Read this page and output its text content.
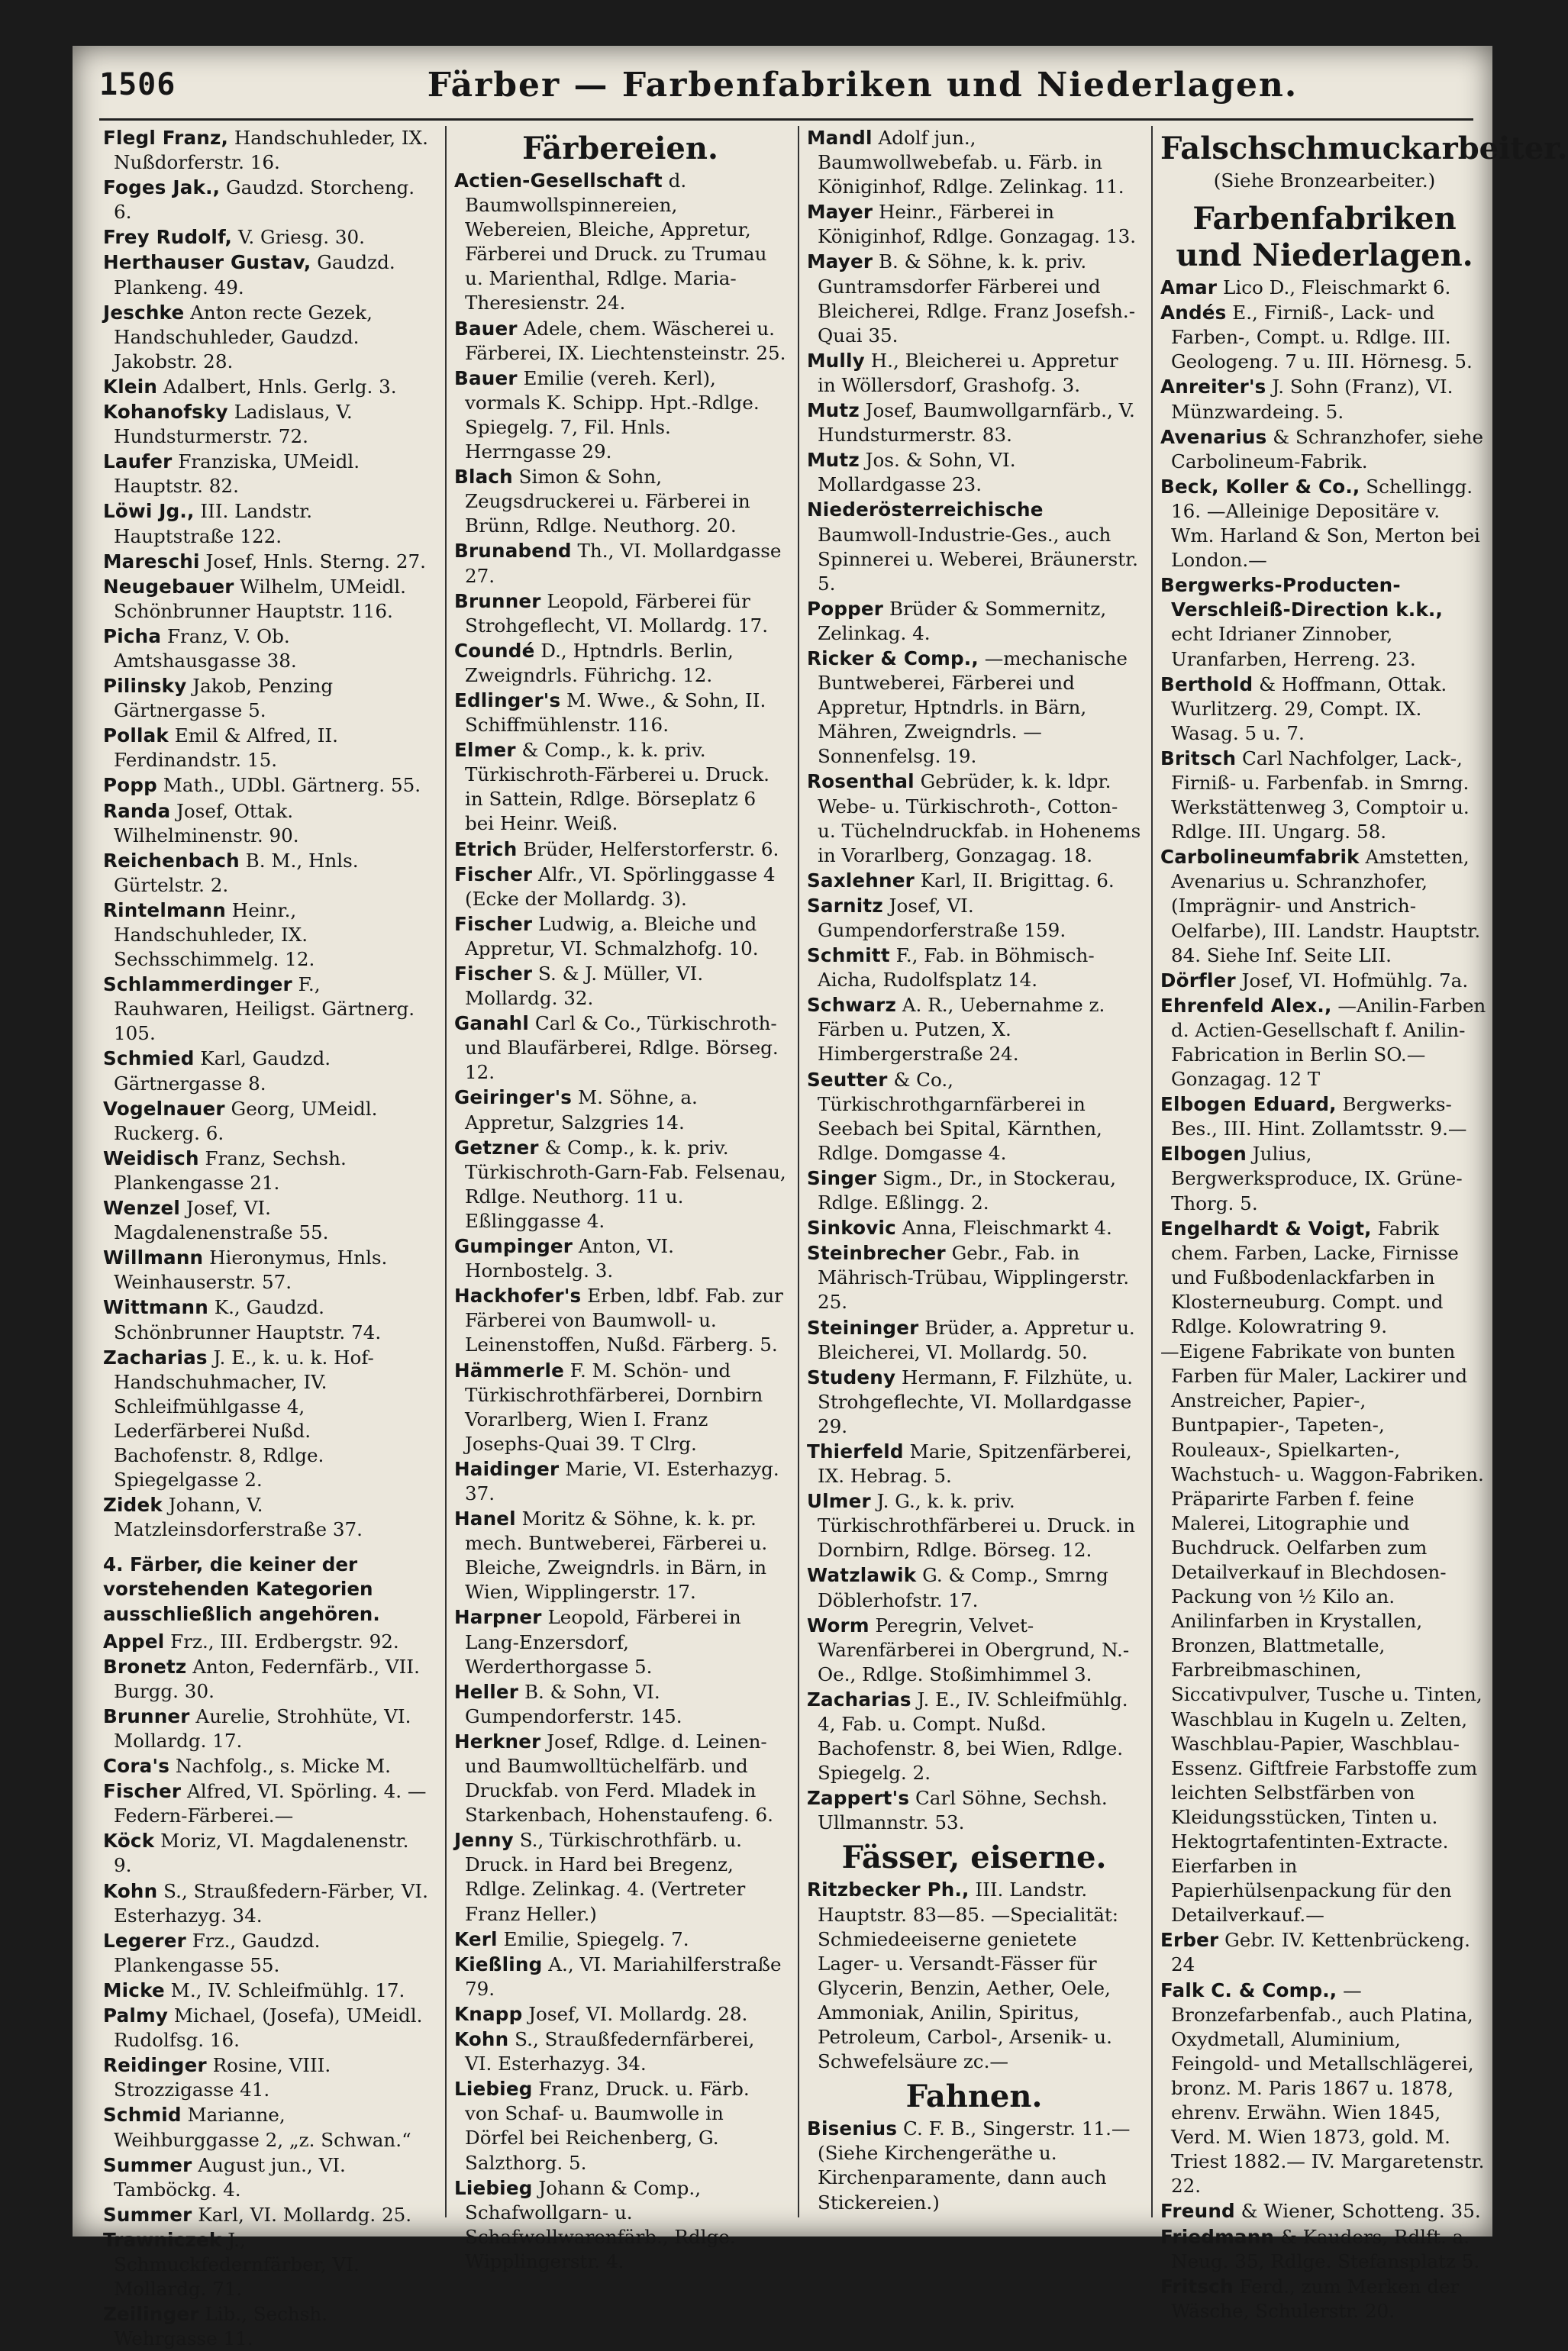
1506	Färber — Farbenfabriken und Niederlagen.
Flegl Franz, Handschuhleder, IX. Nußdorferstr. 16.
Foges Jak., Gaudzd. Storcheng. 6.
Frey Rudolf, V. Griesg. 30.
Herthauser Gustav, Gaudzd. Plankeng. 49.
Jeschke Anton recte Gezek, Handschuhleder, Gaudzd. Jakobstr. 28.
Klein Adalbert, Hnls. Gerlg. 3.
Kohanofsky Ladislaus, V. Hundsturmerstr. 72.
Laufer Franziska, UMeidl. Hauptstr. 82.
Löwi Jg., III. Landstr. Hauptstraße 122.
Mareschi Josef, Hnls. Sterng. 27.
Neugebauer Wilhelm, UMeidl. Schönbrunner Hauptstr. 116.
Picha Franz, V. Ob. Amtshausgasse 38.
Pilinsky Jakob, Penzing Gärtnergasse 5.
Pollak Emil & Alfred, II. Ferdinandstr. 15.
Popp Math., UDbl. Gärtnerg. 55.
Randa Josef, Ottak. Wilhelminenstr. 90.
Reichenbach B. M., Hnls. Gürtelstr. 2.
Rintelmann Heinr., Handschuhleder, IX. Sechsschimmelg. 12.
Schlammerdinger F., Rauhwaren, Heiligst. Gärtnerg. 105.
Schmied Karl, Gaudzd. Gärtnergasse 8.
Vogelnauer Georg, UMeidl. Ruckerg. 6.
Weidisch Franz, Sechsh. Plankengasse 21.
Wenzel Josef, VI. Magdalenenstraße 55.
Willmann Hieronymus, Hnls. Weinhauserstr. 57.
Wittmann K., Gaudzd. Schönbrunner Hauptstr. 74.
Zacharias J. E., k. u. k. Hof-Handschuhmacher, IV. Schleifmühlgasse 4, Lederfärberei Nußd. Bachofenstr. 8, Rdlge. Spiegelgasse 2.
Zidek Johann, V. Matzleinsdorferstraße 37.
4. Färber, die keiner der vorstehenden Kategorien ausschließlich angehören.
Appel Frz., III. Erdbergstr. 92.
Bronetz Anton, Federnfärb., VII. Burgg. 30.
Brunner Aurelie, Strohhüte, VI. Mollardg. 17.
Cora's Nachfolg., s. Micke M.
Fischer Alfred, VI. Spörling. 4. —Federn-Färberei.—
Köck Moriz, VI. Magdalenenstr. 9.
Kohn S., Straußfedern-Färber, VI. Esterhazyg. 34.
Legerer Frz., Gaudzd. Plankengasse 55.
Micke M., IV. Schleifmühlg. 17.
Palmy Michael, (Josefa), UMeidl. Rudolfsg. 16.
Reidinger Rosine, VIII. Strozzigasse 41.
Schmid Marianne, Weihburggasse 2, „z. Schwan.“
Summer August jun., VI. Tamböckg. 4.
Summer Karl, VI. Mollardg. 25.
Trawniczek J., Schmuckfedernfärber, VI. Mollardg. 71.
Zeilinger Lib., Sechsh. Wehrgasse 11.
Färbereien.
Actien-Gesellschaft d. Baumwollspinnereien, Webereien, Bleiche, Appretur, Färberei und Druck. zu Trumau u. Marienthal, Rdlge. Maria-Theresienstr. 24.
Bauer Adele, chem. Wäscherei u. Färberei, IX. Liechtensteinstr. 25.
Bauer Emilie (vereh. Kerl), vormals K. Schipp. Hpt.-Rdlge. Spiegelg. 7, Fil. Hnls. Herrngasse 29.
Blach Simon & Sohn, Zeugsdruckerei u. Färberei in Brünn, Rdlge. Neuthorg. 20.
Brunabend Th., VI. Mollardgasse 27.
Brunner Leopold, Färberei für Strohgeflecht, VI. Mollardg. 17.
Coundé D., Hptndrls. Berlin, Zweigndrls. Führichg. 12.
Edlinger's M. Wwe., & Sohn, II. Schiffmühlenstr. 116.
Elmer & Comp., k. k. priv. Türkischroth-Färberei u. Druck. in Sattein, Rdlge. Börseplatz 6 bei Heinr. Weiß.
Etrich Brüder, Helferstorferstr. 6.
Fischer Alfr., VI. Spörlinggasse 4 (Ecke der Mollardg. 3).
Fischer Ludwig, a. Bleiche und Appretur, VI. Schmalzhofg. 10.
Fischer S. & J. Müller, VI. Mollardg. 32.
Ganahl Carl & Co., Türkischroth- und Blaufärberei, Rdlge. Börseg. 12.
Geiringer's M. Söhne, a. Appretur, Salzgries 14.
Getzner & Comp., k. k. priv. Türkischroth-Garn-Fab. Felsenau, Rdlge. Neuthorg. 11 u. Eßlinggasse 4.
Gumpinger Anton, VI. Hornbostelg. 3.
Hackhofer's Erben, ldbf. Fab. zur Färberei von Baumwoll- u. Leinenstoffen, Nußd. Färberg. 5.
Hämmerle F. M. Schön- und Türkischrothfärberei, Dornbirn Vorarlberg, Wien I. Franz Josephs-Quai 39. T Clrg.
Haidinger Marie, VI. Esterhazyg. 37.
Hanel Moritz & Söhne, k. k. pr. mech. Buntweberei, Färberei u. Bleiche, Zweigndrls. in Bärn, in Wien, Wipplingerstr. 17.
Harpner Leopold, Färberei in Lang-Enzersdorf, Werderthorgasse 5.
Heller B. & Sohn, VI. Gumpendorferstr. 145.
Herkner Josef, Rdlge. d. Leinen- und Baumwolltüchelfärb. und Druckfab. von Ferd. Mladek in Starkenbach, Hohenstaufeng. 6.
Jenny S., Türkischrothfärb. u. Druck. in Hard bei Bregenz, Rdlge. Zelinkag. 4. (Vertreter Franz Heller.)
Kerl Emilie, Spiegelg. 7.
Kießling A., VI. Mariahilferstraße 79.
Knapp Josef, VI. Mollardg. 28.
Kohn S., Straußfedernfärberei, VI. Esterhazyg. 34.
Liebieg Franz, Druck. u. Färb. von Schaf- u. Baumwolle in Dörfel bei Reichenberg, G. Salzthorg. 5.
Liebieg Johann & Comp., Schafwollgarn- u. Schafwollwarenfärb., Rdlge. Wipplingerstr. 4.
Mandl Adolf jun., Baumwollwebefab. u. Färb. in Königinhof, Rdlge. Zelinkag. 11.
Mayer Heinr., Färberei in Königinhof, Rdlge. Gonzagag. 13.
Mayer B. & Söhne, k. k. priv. Guntramsdorfer Färberei und Bleicherei, Rdlge. Franz Josefsh.-Quai 35.
Mully H., Bleicherei u. Appretur in Wöllersdorf, Grashofg. 3.
Mutz Josef, Baumwollgarnfärb., V. Hundsturmerstr. 83.
Mutz Jos. & Sohn, VI. Mollardgasse 23.
Niederösterreichische Baumwoll-Industrie-Ges., auch Spinnerei u. Weberei, Bräunerstr. 5.
Popper Brüder & Sommernitz, Zelinkag. 4.
Ricker & Comp., —mechanische Buntweberei, Färberei und Appretur, Hptndrls. in Bärn, Mähren, Zweigndrls. —Sonnenfelsg. 19.
Rosenthal Gebrüder, k. k. ldpr. Webe- u. Türkischroth-, Cotton- u. Tüchelndruckfab. in Hohenems in Vorarlberg, Gonzagag. 18.
Saxlehner Karl, II. Brigittag. 6.
Sarnitz Josef, VI. Gumpendorferstraße 159.
Schmitt F., Fab. in Böhmisch-Aicha, Rudolfsplatz 14.
Schwarz A. R., Uebernahme z. Färben u. Putzen, X. Himbergerstraße 24.
Seutter & Co., Türkischrothgarnfärberei in Seebach bei Spital, Kärnthen, Rdlge. Domgasse 4.
Singer Sigm., Dr., in Stockerau, Rdlge. Eßlingg. 2.
Sinkovic Anna, Fleischmarkt 4.
Steinbrecher Gebr., Fab. in Mährisch-Trübau, Wipplingerstr. 25.
Steininger Brüder, a. Appretur u. Bleicherei, VI. Mollardg. 50.
Studeny Hermann, F. Filzhüte, u. Strohgeflechte, VI. Mollardgasse 29.
Thierfeld Marie, Spitzenfärberei, IX. Hebrag. 5.
Ulmer J. G., k. k. priv. Türkischrothfärberei u. Druck. in Dornbirn, Rdlge. Börseg. 12.
Watzlawik G. & Comp., Smrng Döblerhofstr. 17.
Worm Peregrin, Velvet-Warenfärberei in Obergrund, N.-Oe., Rdlge. Stoßimhimmel 3.
Zacharias J. E., IV. Schleifmühlg. 4, Fab. u. Compt. Nußd. Bachofenstr. 8, bei Wien, Rdlge. Spiegelg. 2.
Zappert's Carl Söhne, Sechsh. Ullmannstr. 53.
Fässer, eiserne.
Ritzbecker Ph., III. Landstr. Hauptstr. 83—85. —Specialität: Schmiedeeiserne genietete Lager- u. Versandt-Fässer für Glycerin, Benzin, Aether, Oele, Ammoniak, Anilin, Spiritus, Petroleum, Carbol-, Arsenik- u. Schwefelsäure zc.—
Fahnen.
Bisenius C. F. B., Singerstr. 11.— (Siehe Kirchengeräthe u. Kirchenparamente, dann auch Stickereien.)
Falschschmuckarbeiter.
(Siehe Bronzearbeiter.)
Farbenfabriken und Niederlagen.
Amar Lico D., Fleischmarkt 6.
Andés E., Firniß-, Lack- und Farben-, Compt. u. Rdlge. III. Geologeng. 7 u. III. Hörnesg. 5.
Anreiter's J. Sohn (Franz), VI. Münzwardeing. 5.
Avenarius & Schranzhofer, siehe Carbolineum-Fabrik.
Beck, Koller & Co., Schellingg. 16. —Alleinige Depositäre v. Wm. Harland & Son, Merton bei London.—
Bergwerks-Producten-Verschleiß-Direction k.k., echt Idrianer Zinnober, Uranfarben, Herreng. 23.
Berthold & Hoffmann, Ottak. Wurlitzerg. 29, Compt. IX. Wasag. 5 u. 7.
Britsch Carl Nachfolger, Lack-, Firniß- u. Farbenfab. in Smrng. Werkstättenweg 3, Comptoir u. Rdlge. III. Ungarg. 58.
Carbolineumfabrik Amstetten, Avenarius u. Schranzhofer, (Imprägnir- und Anstrich-Oelfarbe), III. Landstr. Hauptstr. 84. Siehe Inf. Seite LII.
Dörfler Josef, VI. Hofmühlg. 7a.
Ehrenfeld Alex., —Anilin-Farben d. Actien-Gesellschaft f. Anilin-Fabrication in Berlin SO.— Gonzagag. 12 T
Elbogen Eduard, Bergwerks-Bes., III. Hint. Zollamtsstr. 9.—
Elbogen Julius, Bergwerksproduce, IX. Grüne-Thorg. 5.
Engelhardt & Voigt, Fabrik chem. Farben, Lacke, Firnisse und Fußbodenlackfarben in Klosterneuburg. Compt. und Rdlge. Kolowratring 9.
—Eigene Fabrikate von bunten Farben für Maler, Lackirer und Anstreicher, Papier-, Buntpapier-, Tapeten-, Rouleaux-, Spielkarten-, Wachstuch- u. Waggon-Fabriken. Präparirte Farben f. feine Malerei, Litographie und Buchdruck. Oelfarben zum Detailverkauf in Blechdosen-Packung von ½ Kilo an. Anilinfarben in Krystallen, Bronzen, Blattmetalle, Farbreibmaschinen, Siccativpulver, Tusche u. Tinten, Waschblau in Kugeln u. Zelten, Waschblau-Papier, Waschblau-Essenz. Giftfreie Farbstoffe zum leichten Selbstfärben von Kleidungsstücken, Tinten u. Hektogrtafentinten-Extracte. Eierfarben in Papierhülsenpackung für den Detailverkauf.—
Erber Gebr. IV. Kettenbrückeng. 24
Falk C. & Comp., —Bronzefarbenfab., auch Platina, Oxydmetall, Aluminium, Feingold- und Metallschlägerei, bronz. M. Paris 1867 u. 1878, ehrenv. Erwähn. Wien 1845, Verd. M. Wien 1873, gold. M. Triest 1882.— IV. Margaretenstr. 22.
Freund & Wiener, Schotteng. 35.
Friedmann & Kauders, Rdlft. a. Neug. 35, Rdlge. Stefansplatz 5.
Fritsch Ferd., zum Merken der Wäsche, Schulerstr. 20.
